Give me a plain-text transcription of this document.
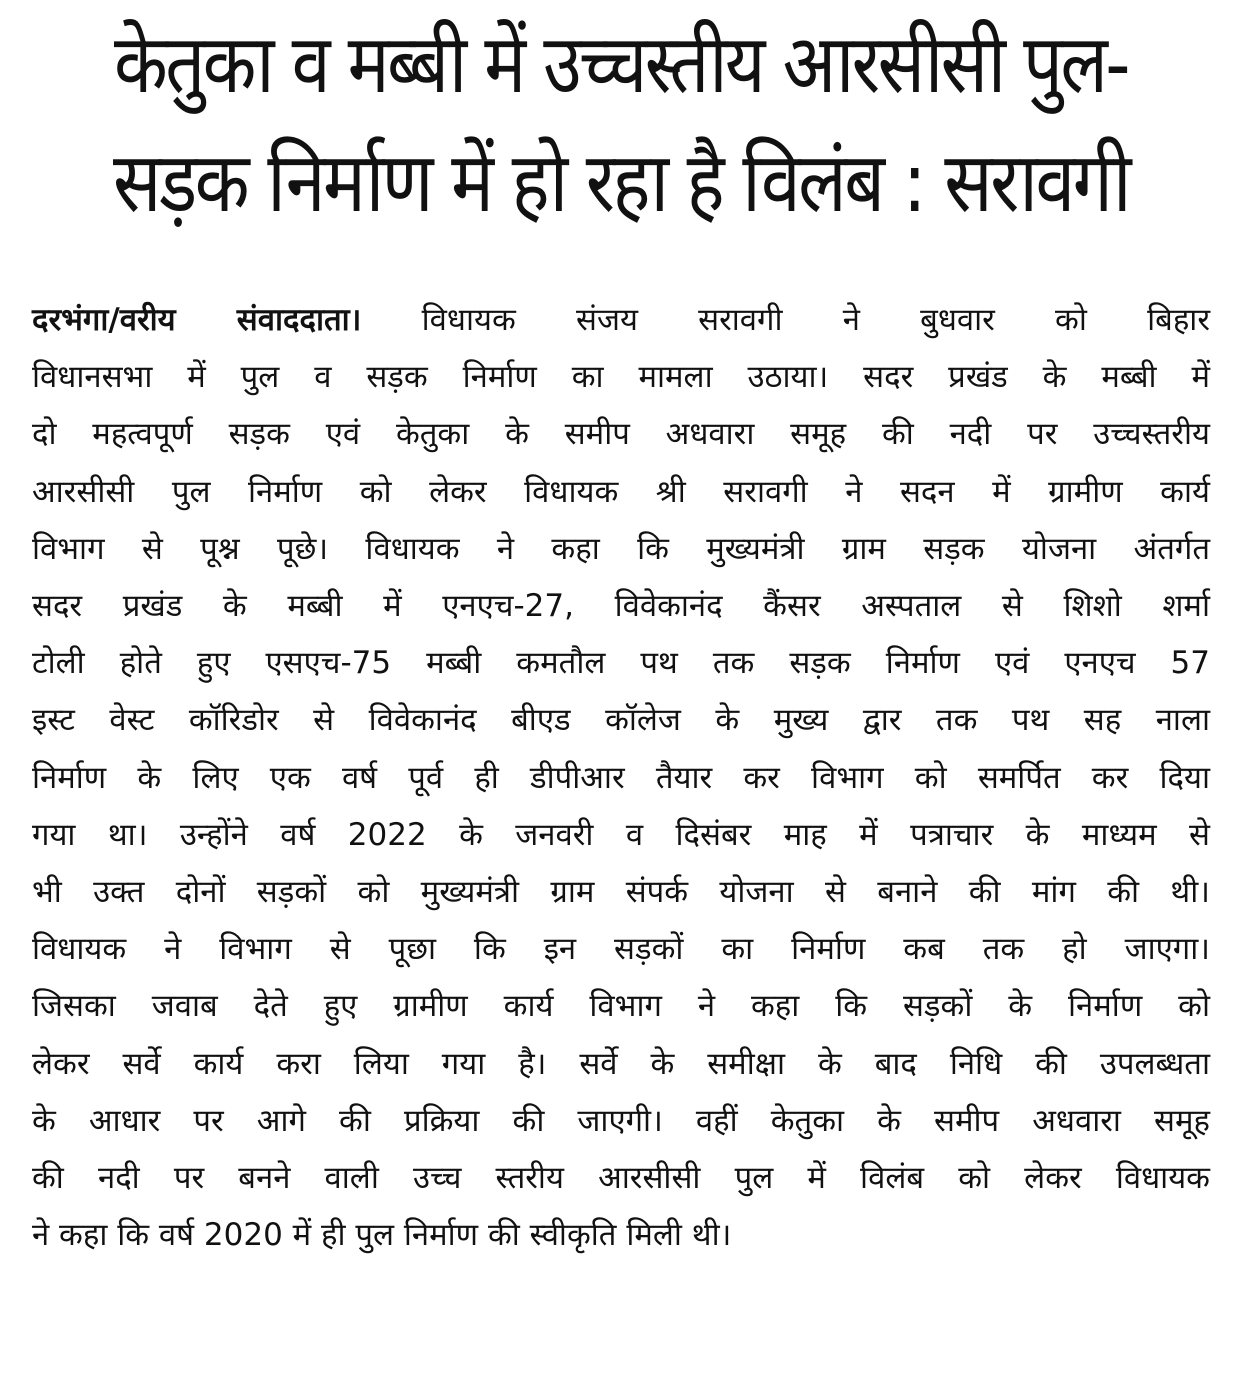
केतुका व मब्बी में उच्चस्तीय आरसीसी पुल-
सड़क निर्माण में हो रहा है विलंब : सरावगी
दरभंगा/वरीय संवाददाता। विधायक संजय सरावगी ने बुधवार को बिहार
विधानसभा में पुल व सड़क निर्माण का मामला उठाया। सदर प्रखंड के मब्बी में
दो महत्वपूर्ण सड़क एवं केतुका के समीप अधवारा समूह की नदी पर उच्चस्तरीय
आरसीसी पुल निर्माण को लेकर विधायक श्री सरावगी ने सदन में ग्रामीण कार्य
विभाग से पूश्न पूछे। विधायक ने कहा कि मुख्यमंत्री ग्राम सड़क योजना अंतर्गत
सदर प्रखंड के मब्बी में एनएच-27, विवेकानंद कैंसर अस्पताल से शिशो शर्मा
टोली होते हुए एसएच-75 मब्बी कमतौल पथ तक सड़क निर्माण एवं एनएच 57
इस्ट वेस्ट कॉरिडोर से विवेकानंद बीएड कॉलेज के मुख्य द्वार तक पथ सह नाला
निर्माण के लिए एक वर्ष पूर्व ही डीपीआर तैयार कर विभाग को समर्पित कर दिया
गया था। उन्होंने वर्ष 2022 के जनवरी व दिसंबर माह में पत्राचार के माध्यम से
भी उक्त दोनों सड़कों को मुख्यमंत्री ग्राम संपर्क योजना से बनाने की मांग की थी।
विधायक ने विभाग से पूछा कि इन सड़कों का निर्माण कब तक हो जाएगा।
जिसका जवाब देते हुए ग्रामीण कार्य विभाग ने कहा कि सड़कों के निर्माण को
लेकर सर्वे कार्य करा लिया गया है। सर्वे के समीक्षा के बाद निधि की उपलब्धता
के आधार पर आगे की प्रक्रिया की जाएगी। वहीं केतुका के समीप अधवारा समूह
की नदी पर बनने वाली उच्च स्तरीय आरसीसी पुल में विलंब को लेकर विधायक
ने कहा कि वर्ष 2020 में ही पुल निर्माण की स्वीकृति मिली थी।
